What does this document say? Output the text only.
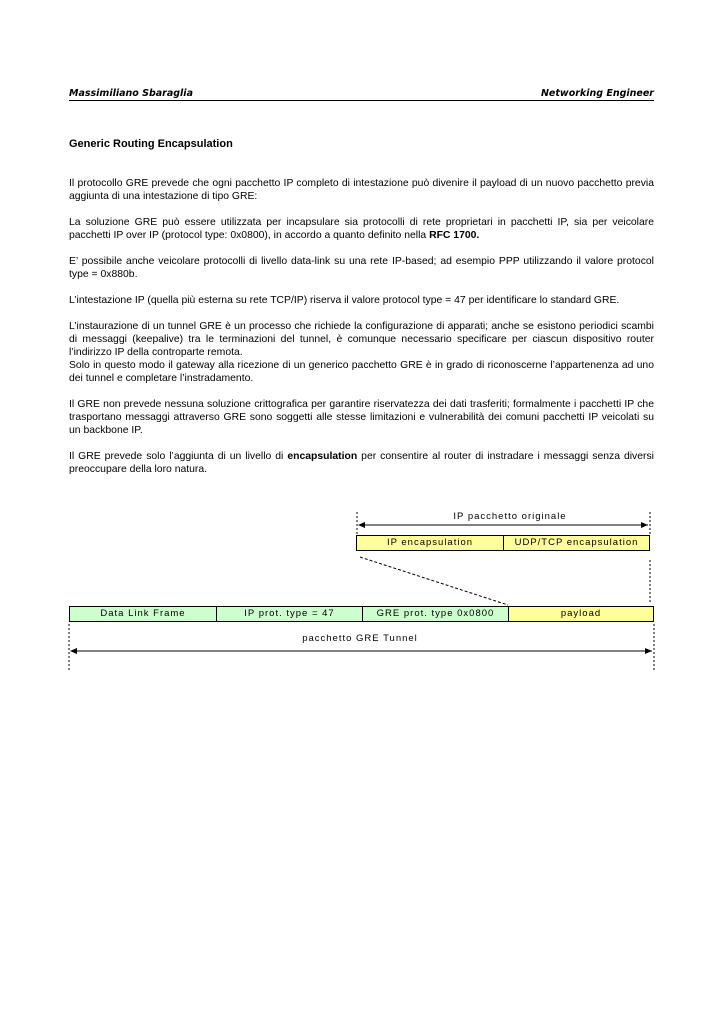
Massimiliano Sbaraglia	Networking Engineer
Generic Routing Encapsulation

Il protocollo GRE prevede che ogni pacchetto IP completo di intestazione può divenire il payload di un nuovo pacchetto previa aggiunta di una intestazione di tipo GRE:

La soluzione GRE può essere utilizzata per incapsulare sia protocolli di rete proprietari in pacchetti IP, sia per veicolare pacchetti IP over IP (protocol type: 0x0800), in accordo a quanto definito nella RFC 1700.

E’ possibile anche veicolare protocolli di livello data-link su una rete IP-based; ad esempio PPP utilizzando il valore protocol type = 0x880b.

L’intestazione IP (quella più esterna su rete TCP/IP) riserva il valore protocol type = 47 per identificare lo standard GRE.

L’instaurazione di un tunnel GRE è un processo che richiede la configurazione di apparati; anche se esistono periodici scambi di messaggi (keepalive) tra le terminazioni del tunnel, è comunque necessario specificare per ciascun dispositivo router l’indirizzo IP della controparte remota.

Solo in questo modo il gateway alla ricezione di un generico pacchetto GRE è in grado di riconoscerne l’appartenenza ad uno dei tunnel e completare l’instradamento.

Il GRE non prevede nessuna soluzione crittografica per garantire riservatezza dei dati trasferiti; formalmente i pacchetti IP che trasportano messaggi attraverso GRE sono soggetti alle stesse limitazioni e vulnerabilità dei comuni pacchetti IP veicolati su un backbone IP.

Il GRE prevede solo l’aggiunta di un livello di encapsulation per consentire al router di instradare i messaggi senza diversi preoccupare della loro natura.

IP pacchetto originale
IP encapsulation	UDP/TCP encapsulation
Data Link Frame	IP prot. type = 47	GRE prot. type 0x0800	payload
pacchetto GRE Tunnel
